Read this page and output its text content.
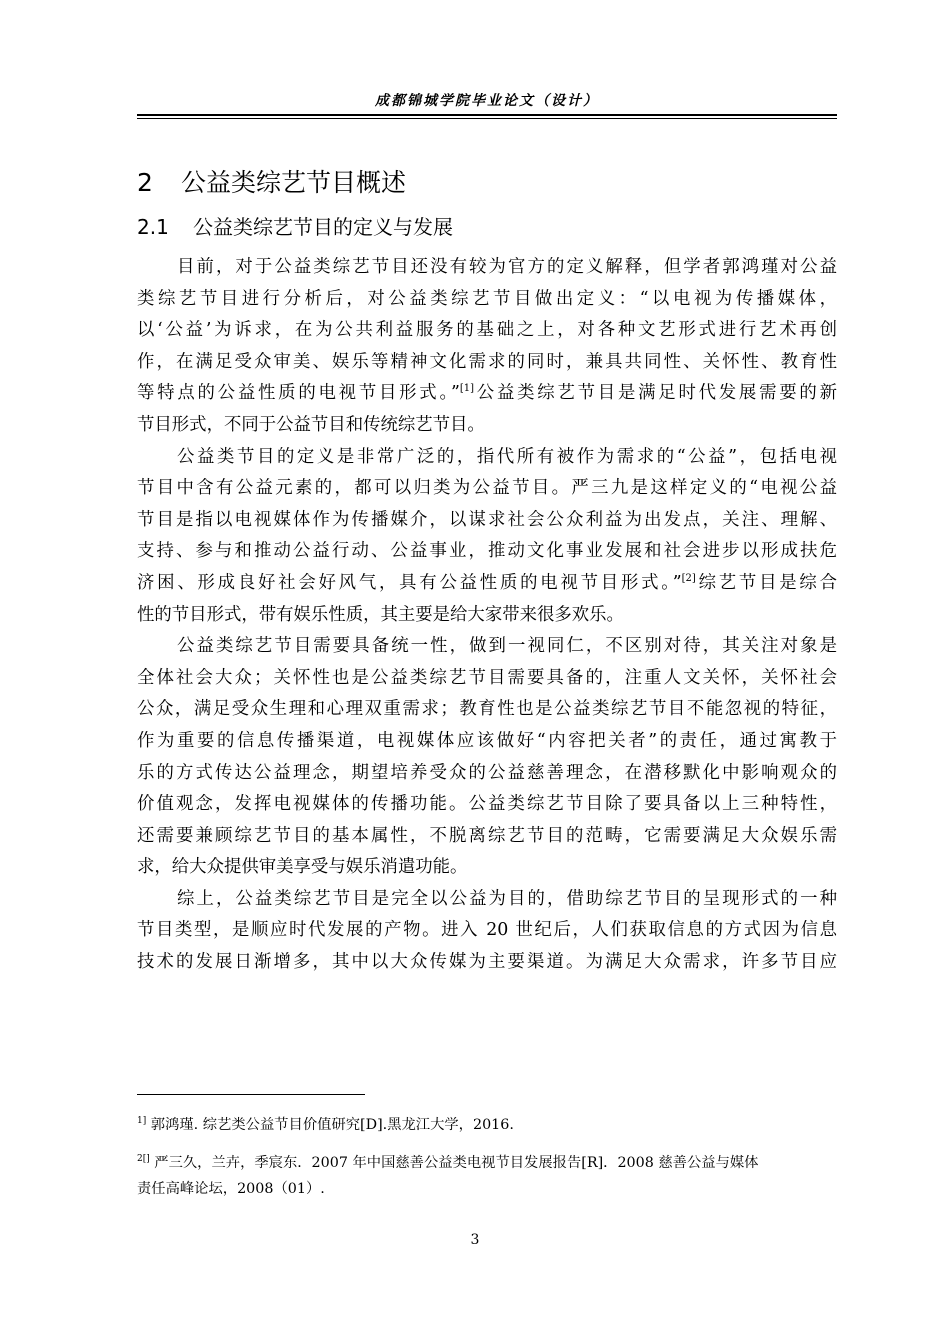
成都锦城学院毕业论文（设计）
2 公益类综艺节目概述
2.1 公益类综艺节目的定义与发展
目前，对于公益类综艺节目还没有较为官方的定义解释，但学者郭鸿瑾对公益
类综艺节目进行分析后，对公益类综艺节目做出定义：“以电视为传播媒体，
以‘公益’为诉求，在为公共利益服务的基础之上，对各种文艺形式进行艺术再创
作，在满足受众审美、娱乐等精神文化需求的同时，兼具共同性、关怀性、教育性
等特点的公益性质的电视节目形式。”[1]公益类综艺节目是满足时代发展需要的新
节目形式，不同于公益节目和传统综艺节目。
公益类节目的定义是非常广泛的，指代所有被作为需求的“公益”，包括电视
节目中含有公益元素的，都可以归类为公益节目。严三九是这样定义的“电视公益
节目是指以电视媒体作为传播媒介，以谋求社会公众利益为出发点，关注、理解、
支持、参与和推动公益行动、公益事业，推动文化事业发展和社会进步以形成扶危
济困、形成良好社会好风气，具有公益性质的电视节目形式。”[2]综艺节目是综合
性的节目形式，带有娱乐性质，其主要是给大家带来很多欢乐。
公益类综艺节目需要具备统一性，做到一视同仁，不区别对待，其关注对象是
全体社会大众；关怀性也是公益类综艺节目需要具备的，注重人文关怀，关怀社会
公众，满足受众生理和心理双重需求；教育性也是公益类综艺节目不能忽视的特征，
作为重要的信息传播渠道，电视媒体应该做好“内容把关者”的责任，通过寓教于
乐的方式传达公益理念，期望培养受众的公益慈善理念，在潜移默化中影响观众的
价值观念，发挥电视媒体的传播功能。公益类综艺节目除了要具备以上三种特性，
还需要兼顾综艺节目的基本属性，不脱离综艺节目的范畴，它需要满足大众娱乐需
求，给大众提供审美享受与娱乐消遣功能。
综上，公益类综艺节目是完全以公益为目的，借助综艺节目的呈现形式的一种
节目类型，是顺应时代发展的产物。进入 20 世纪后，人们获取信息的方式因为信息
技术的发展日渐增多，其中以大众传媒为主要渠道。为满足大众需求，许多节目应
$^{1]}$ 郭鸿瑾. 综艺类公益节目价值研究[D].黑龙江大学，2016.
$^{2[]}$ 严三久，兰卉，季宸东．2007 年中国慈善公益类电视节目发展报告[R]．2008 慈善公益与媒体
责任高峰论坛，2008（01）.
3
